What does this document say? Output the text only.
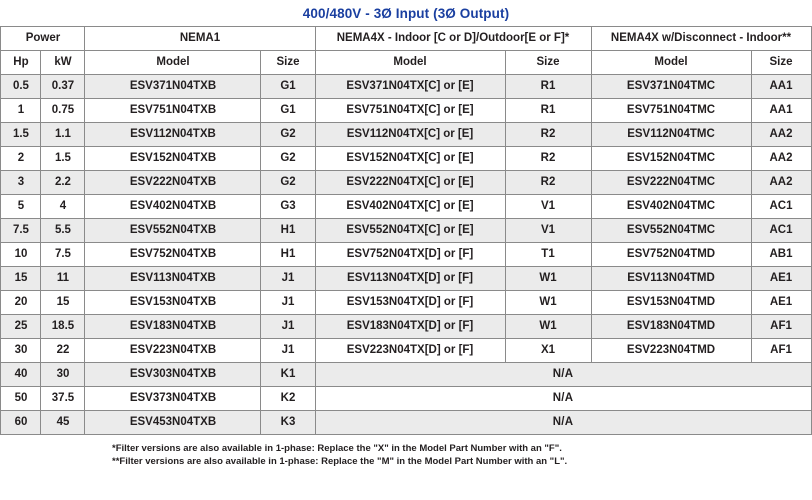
400/480V - 3Ø Input (3Ø Output)
Power		NEMA1		NEMA4X - Indoor [C or D]/Outdoor[E or F]*		NEMA4X w/Disconnect - Indoor**	
Hp	kW	Model	Size	Model	Size	Model	Size
0.5	0.37	ESV371N04TXB	G1	ESV371N04TX[C] or [E]	R1	ESV371N04TMC	AA1
1	0.75	ESV751N04TXB	G1	ESV751N04TX[C] or [E]	R1	ESV751N04TMC	AA1
1.5	1.1	ESV112N04TXB	G2	ESV112N04TX[C] or [E]	R2	ESV112N04TMC	AA2
2	1.5	ESV152N04TXB	G2	ESV152N04TX[C] or [E]	R2	ESV152N04TMC	AA2
3	2.2	ESV222N04TXB	G2	ESV222N04TX[C] or [E]	R2	ESV222N04TMC	AA2
5	4	ESV402N04TXB	G3	ESV402N04TX[C] or [E]	V1	ESV402N04TMC	AC1
7.5	5.5	ESV552N04TXB	H1	ESV552N04TX[C] or [E]	V1	ESV552N04TMC	AC1
10	7.5	ESV752N04TXB	H1	ESV752N04TX[D] or [F]	T1	ESV752N04TMD	AB1
15	11	ESV113N04TXB	J1	ESV113N04TX[D] or [F]	W1	ESV113N04TMD	AE1
20	15	ESV153N04TXB	J1	ESV153N04TX[D] or [F]	W1	ESV153N04TMD	AE1
25	18.5	ESV183N04TXB	J1	ESV183N04TX[D] or [F]	W1	ESV183N04TMD	AF1
30	22	ESV223N04TXB	J1	ESV223N04TX[D] or [F]	X1	ESV223N04TMD	AF1
40	30	ESV303N04TXB	K1	N/A			
50	37.5	ESV373N04TXB	K2	N/A			
60	45	ESV453N04TXB	K3	N/A			
*Filter versions are also available in 1-phase: Replace the "X" in the Model Part Number with an "F".
**Filter versions are also available in 1-phase: Replace the "M" in the Model Part Number with an "L".
